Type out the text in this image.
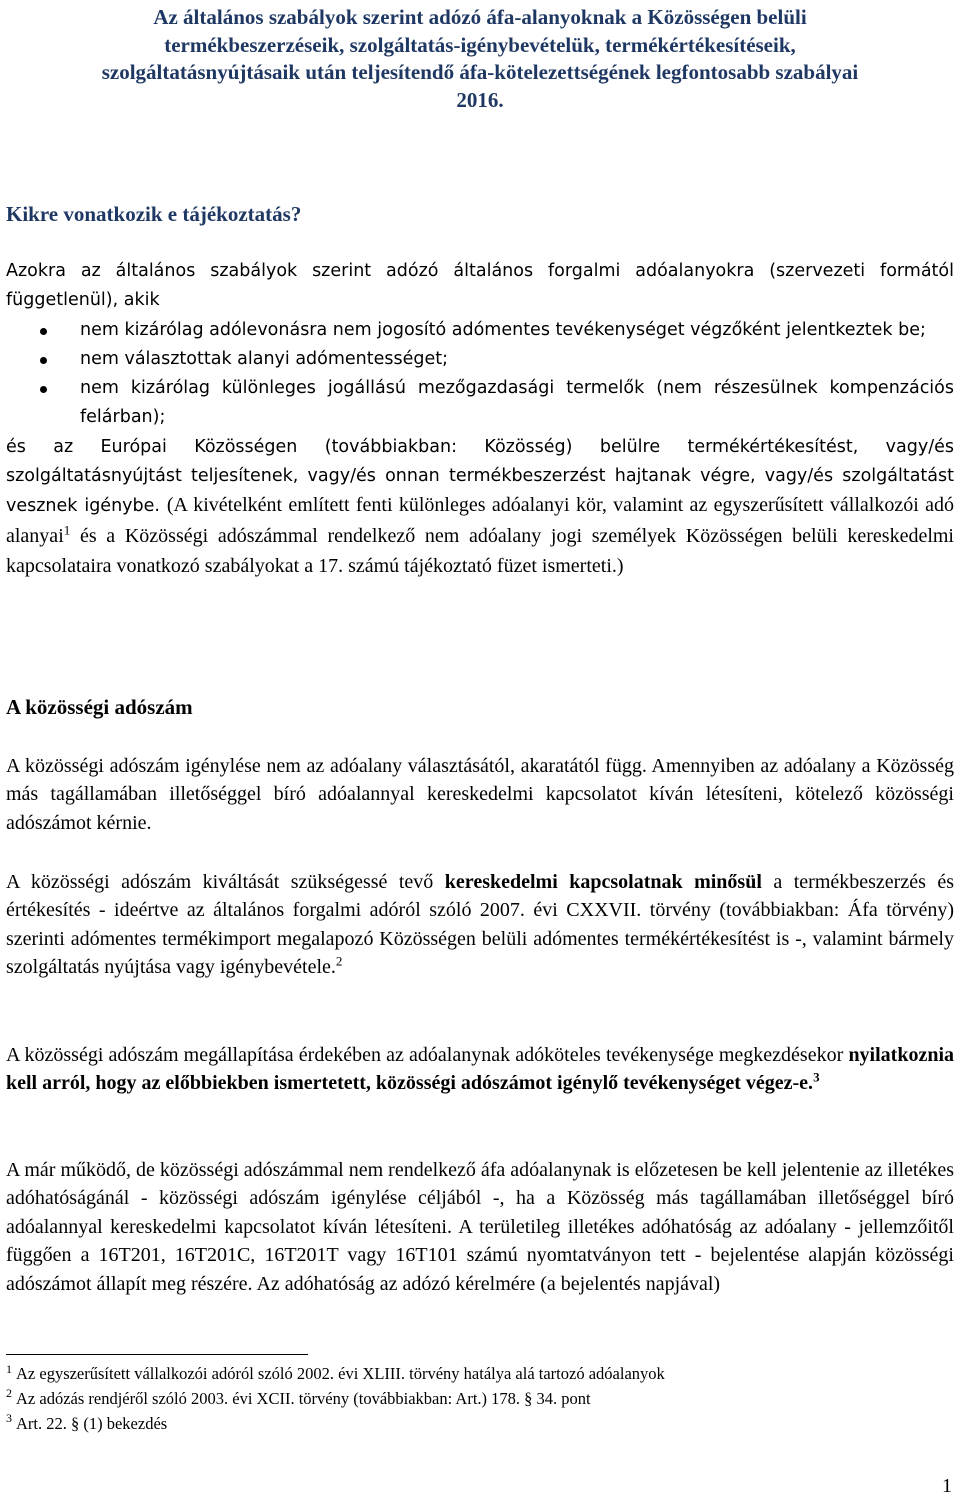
Az általános szabályok szerint adózó áfa-alanyoknak a Közösségen belüli
termékbeszerzéseik, szolgáltatás-igénybevételük, termékértékesítéseik,
szolgáltatásnyújtásaik után teljesítendő áfa-kötelezettségének legfontosabb szabályai
2016.
Kikre vonatkozik e tájékoztatás?

Azokra az általános szabályok szerint adózó általános forgalmi adóalanyokra (szervezeti formától függetlenül), akik

nem kizárólag adólevonásra nem jogosító adómentes tevékenységet végzőként jelentkeztek be;
nem választottak alanyi adómentességet;
nem kizárólag különleges jogállású mezőgazdasági termelők (nem részesülnek kompenzációs felárban);

és az Európai Közösségen (továbbiakban: Közösség) belülre termékértékesítést, vagy/és szolgáltatásnyújtást teljesítenek, vagy/és onnan termékbeszerzést hajtanak végre, vagy/és szolgáltatást vesznek igénybe. (A kivételként említett fenti különleges adóalanyi kör, valamint az egyszerűsített vállalkozói adó alanyai$^1$ és a Közösségi adószámmal rendelkező nem adóalany jogi személyek Közösségen belüli kereskedelmi kapcsolataira vonatkozó szabályokat a 17. számú tájékoztató füzet ismerteti.)

A közösségi adószám
A közösségi adószám igénylése nem az adóalany választásától, akaratától függ. Amennyiben az adóalany a Közösség más tagállamában illetőséggel bíró adóalannyal kereskedelmi kapcsolatot kíván létesíteni, kötelező közösségi adószámot kérnie.
A közösségi adószám kiváltását szükségessé tevő kereskedelmi kapcsolatnak minősül a termékbeszerzés és értékesítés - ideértve az általános forgalmi adóról szóló 2007. évi CXXVII. törvény (továbbiakban: Áfa törvény) szerinti adómentes termékimport megalapozó Közösségen belüli adómentes termékértékesítést is -, valamint bármely szolgáltatás nyújtása vagy igénybevétele.$^2$
A közösségi adószám megállapítása érdekében az adóalanynak adóköteles tevékenysége megkezdésekor nyilatkoznia kell arról, hogy az előbbiekben ismertetett, közösségi adószámot igénylő tevékenységet végez-e.$^3$
A már működő, de közösségi adószámmal nem rendelkező áfa adóalanynak is előzetesen be kell jelentenie az illetékes adóhatóságánál - közösségi adószám igénylése céljából -, ha a Közösség más tagállamában illetőséggel bíró adóalannyal kereskedelmi kapcsolatot kíván létesíteni. A területileg illetékes adóhatóság az adóalany - jellemzőitől függően a 16T201, 16T201C, 16T201T vagy 16T101 számú nyomtatványon tett - bejelentése alapján közösségi adószámot állapít meg részére. Az adóhatóság az adózó kérelmére (a bejelentés napjával)
$^1$ Az egyszerűsített vállalkozói adóról szóló 2002. évi XLIII. törvény hatálya alá tartozó adóalanyok
$^2$ Az adózás rendjéről szóló 2003. évi XCII. törvény (továbbiakban: Art.) 178. § 34. pont
$^3$ Art. 22. § (1) bekezdés
1
